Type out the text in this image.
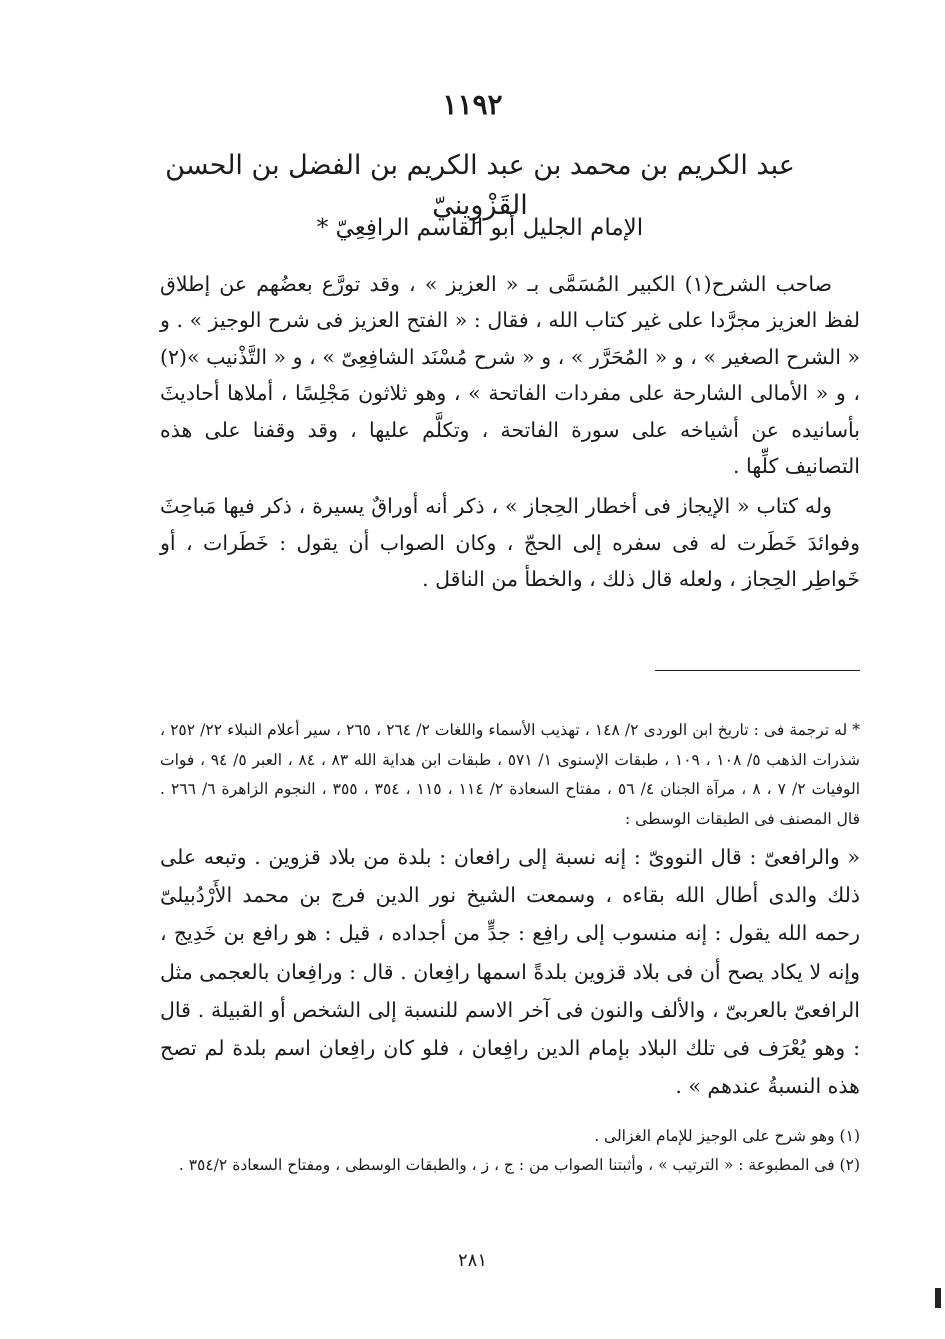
١١٩٢
عبد الكريم بن محمد بن عبد الكريم بن الفضل بن الحسن القَزْوِينيّ
الإمام الجليل أبو القاسم الرافِعِيّ *

صاحب الشرح(١) الكبير المُسَمَّى بـ « العزيز » ، وقد تورَّع بعضُهم عن إطلاق لفظ العزيز مجرَّدا على غير كتاب الله ، فقال : « الفتح العزيز فى شرح الوجيز » . و « الشرح الصغير » ، و « المُحَرَّر » ، و « شرح مُسْنَد الشافِعِىّ » ، و « التَّذْنيب »(٢) ، و « الأمالى الشارحة على مفردات الفاتحة » ، وهو ثلاثون مَجْلِسًا ، أملاها أحاديثَ بأسانيده عن أشياخه على سورة الفاتحة ، وتكلَّم عليها ، وقد وقفنا على هذه التصانيف كلِّها .

وله كتاب « الإيجاز فى أخطار الحِجاز » ، ذكر أنه أوراقٌ يسيرة ، ذكر فيها مَباحِثَ وفوائدَ خَطَرت له فى سفره إلى الحجّ ، وكان الصواب أن يقول : خَطَرات ، أو خَواطِر الحِجاز ، ولعله قال ذلك ، والخطأ من الناقل .

* له ترجمة فى : تاريخ ابن الوردى ٢/ ١٤٨ ، تهذيب الأسماء واللغات ٢/ ٢٦٤ ، ٢٦٥ ، سير أعلام النبلاء ٢٢/ ٢٥٢ ، شذرات الذهب ٥/ ١٠٨ ، ١٠٩ ، طبقات الإسنوى ١/ ٥٧١ ، طبقات ابن هداية الله ٨٣ ، ٨٤ ، العبر ٥/ ٩٤ ، فوات الوفيات ٢/ ٧ ، ٨ ، مرآة الجنان ٤/ ٥٦ ، مفتاح السعادة ٢/ ١١٤ ، ١١٥ ، ٣٥٤ ، ٣٥٥ ، النجوم الزاهرة ٦/ ٢٦٦ . قال المصنف فى الطبقات الوسطى :
« والرافعىّ : قال النووىّ : إنه نسبة إلى رافعان : بلدة من بلاد قزوين . وتبعه على ذلك والدى أطال الله بقاءه ، وسمعت الشيخ نور الدين فرج بن محمد الأَرْدُبيلىّ رحمه الله يقول : إنه منسوب إلى رافِع : جدٍّ من أجداده ، قيل : هو رافع بن خَدِيج ، وإنه لا يكاد يصح أن فى بلاد قزوين بلدةً اسمها رافِعان . قال : ورافِعان بالعجمى مثل الرافعىّ بالعربىّ ، والألف والنون فى آخر الاسم للنسبة إلى الشخص أو القبيلة . قال : وهو يُعْرَف فى تلك البلاد بإمام الدين رافِعان ، فلو كان رافِعان اسم بلدة لم تصح هذه النسبةُ عندهم » .

(١) وهو شرح على الوجيز للإمام الغزالى .

(٢) فى المطبوعة : « الترتيب » ، وأثبتنا الصواب من : ج ، ز ، والطبقات الوسطى ، ومفتاح السعادة ٣٥٤/٢ .

٢٨١
